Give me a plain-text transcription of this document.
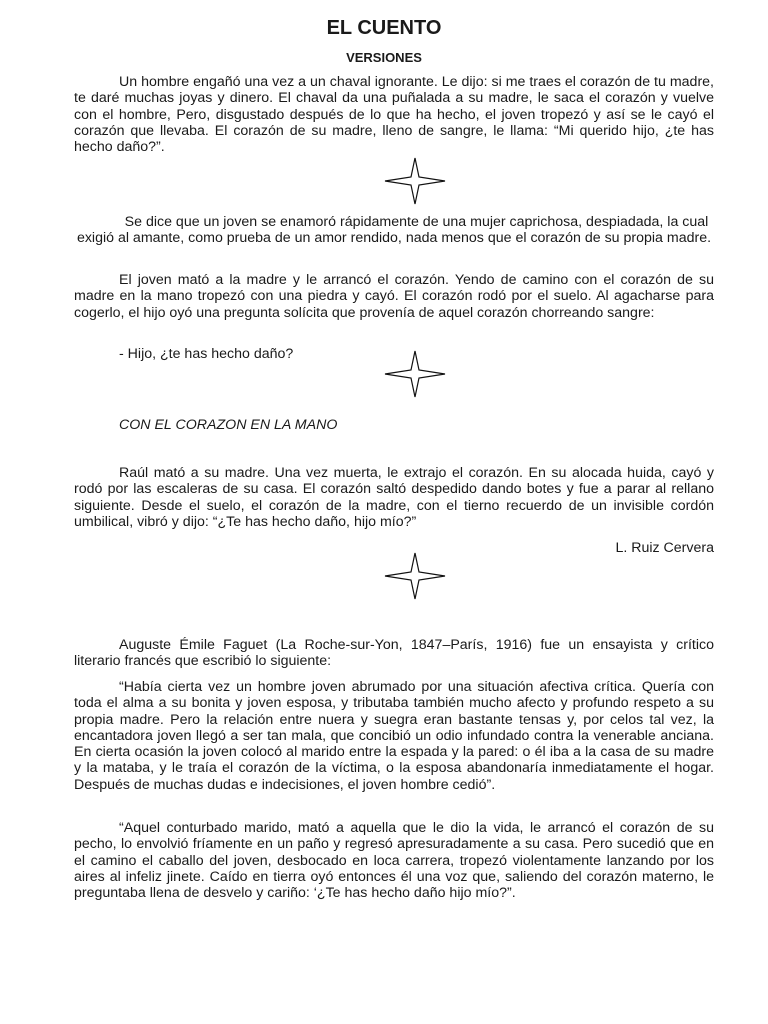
EL CUENTO
VERSIONES

Un hombre engañó una vez a un chaval ignorante. Le dijo: si me traes el corazón de tu madre, te daré muchas joyas y dinero. El chaval da una puñalada a su madre, le saca el corazón y vuelve con el hombre, Pero, disgustado después de lo que ha hecho, el joven tropezó y así se le cayó el corazón que llevaba. El corazón de su madre, lleno de sangre, le llama: “Mi querido hijo, ¿te has hecho daño?”.

Se dice que un joven se enamoró rápidamente de una mujer caprichosa, despiadada, la cual exigió al amante, como prueba de un amor rendido, nada menos que el corazón de su propia madre.

El joven mató a la madre y le arrancó el corazón. Yendo de camino con el corazón de su madre en la mano tropezó con una piedra y cayó. El corazón rodó por el suelo. Al agacharse para cogerlo, el hijo oyó una pregunta solícita que provenía de aquel corazón chorreando sangre:

- Hijo, ¿te has hecho daño?

CON EL CORAZON EN LA MANO

Raúl mató a su madre. Una vez muerta, le extrajo el corazón. En su alocada huida, cayó y rodó por las escaleras de su casa. El corazón saltó despedido dando botes y fue a parar al rellano siguiente. Desde el suelo, el corazón de la madre, con el tierno recuerdo de un invisible cordón umbilical, vibró y dijo: “¿Te has hecho daño, hijo mío?”

L. Ruiz Cervera

Auguste Émile Faguet (La Roche-sur-Yon, 1847–París, 1916) fue un ensayista y crítico literario francés que escribió lo siguiente:

“Había cierta vez un hombre joven abrumado por una situación afectiva crítica. Quería con toda el alma a su bonita y joven esposa, y tributaba también mucho afecto y profundo respeto a su propia madre. Pero la relación entre nuera y suegra eran bastante tensas y, por celos tal vez, la encantadora joven llegó a ser tan mala, que concibió un odio infundado contra la venerable anciana. En cierta ocasión la joven colocó al marido entre la espada y la pared: o él iba a la casa de su madre y la mataba, y le traía el corazón de la víctima, o la esposa abandonaría inmediatamente el hogar. Después de muchas dudas e indecisiones, el joven hombre cedió”.

“Aquel conturbado marido, mató a aquella que le dio la vida, le arrancó el corazón de su pecho, lo envolvió fríamente en un paño y regresó apresuradamente a su casa. Pero sucedió que en el camino el caballo del joven, desbocado en loca carrera, tropezó violentamente lanzando por los aires al infeliz jinete. Caído en tierra oyó entonces él una voz que, saliendo del corazón materno, le preguntaba llena de desvelo y cariño: ‘¿Te has hecho daño hijo mío?”.
